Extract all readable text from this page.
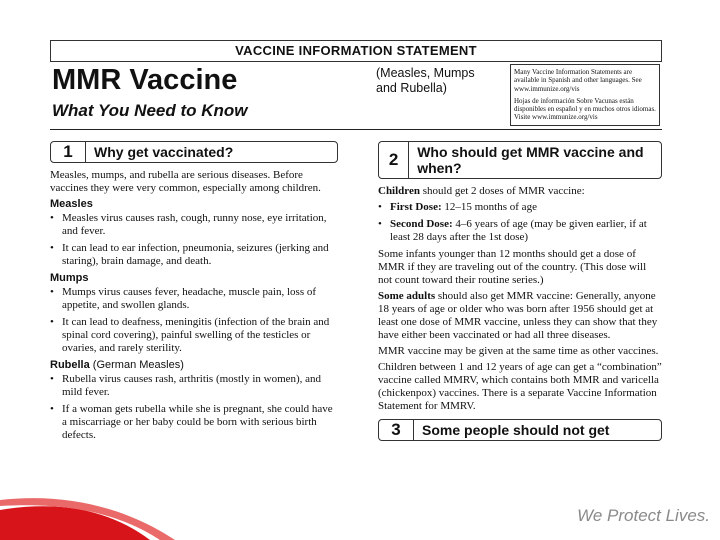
VACCINE INFORMATION STATEMENT
MMR Vaccine
What You Need to Know
(Measles, Mumps
and Rubella)

Many Vaccine Information Statements are available in Spanish and other languages. See www.immunize.org/vis

Hojas de información Sobre Vacunas están disponibles en español y en muchos otros idiomas. Visite www.immunize.org/vis

1	Why get vaccinated?

Measles, mumps, and rubella are serious diseases. Before vaccines they were very common, especially among children.

Measles
• Measles virus causes rash, cough, runny nose, eye irritation, and fever.
• It can lead to ear infection, pneumonia, seizures (jerking and staring), brain damage, and death.
Mumps
• Mumps virus causes fever, headache, muscle pain, loss of appetite, and swollen glands.
• It can lead to deafness, meningitis (infection of the brain and spinal cord covering), painful swelling of the testicles or ovaries, and rarely sterility.
Rubella (German Measles)
• Rubella virus causes rash, arthritis (mostly in women), and mild fever.
• If a woman gets rubella while she is pregnant, she could have a miscarriage or her baby could be born with serious birth defects.
2	Who should get MMR vaccine and when?

Children should get 2 doses of MMR vaccine:

• First Dose: 12–15 months of age
• Second Dose: 4–6 years of age (may be given earlier, if at least 28 days after the 1st dose)

Some infants younger than 12 months should get a dose of MMR if they are traveling out of the country. (This dose will not count toward their routine series.)

Some adults should also get MMR vaccine: Generally, anyone 18 years of age or older who was born after 1956 should get at least one dose of MMR vaccine, unless they can show that they have either been vaccinated or had all three diseases.

MMR vaccine may be given at the same time as other vaccines.

Children between 1 and 12 years of age can get a “combination” vaccine called MMRV, which contains both MMR and varicella (chickenpox) vaccines. There is a separate Vaccine Information Statement for MMRV.

3	Some people should not get
We Protect Lives.
